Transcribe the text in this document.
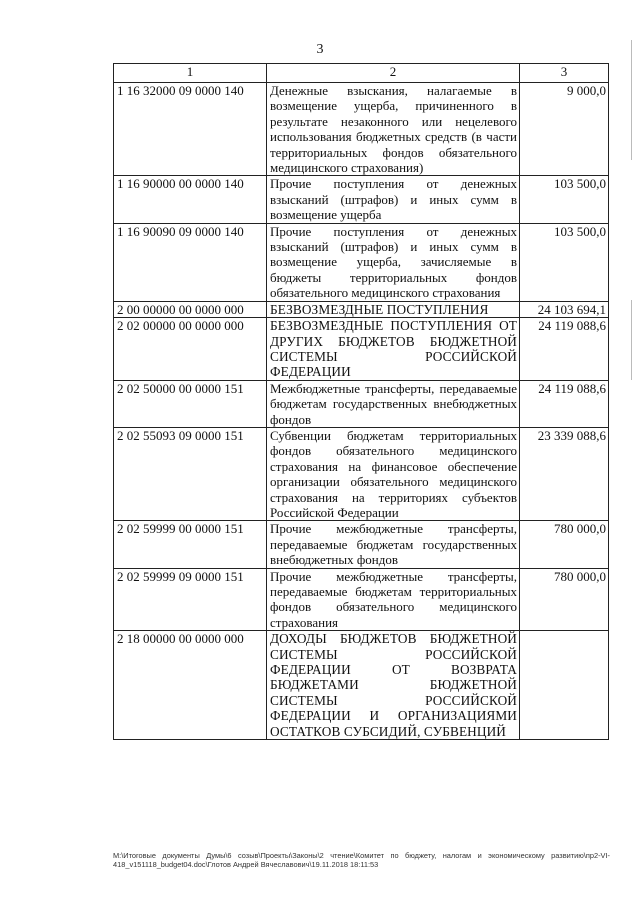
3
1	2	3
1 16 32000 09 0000 140	Денежные взыскания, налагаемые в возмещение ущерба, причиненного в результате незаконного или нецелевого использования бюджетных средств (в части территориальных фондов обязательного медицинского страхования)	9 000,0
1 16 90000 00 0000 140	Прочие поступления от денежных взысканий (штрафов) и иных сумм в возмещение ущерба	103 500,0
1 16 90090 09 0000 140	Прочие поступления от денежных взысканий (штрафов) и иных сумм в возмещение ущерба, зачисляемые в бюджеты территориальных фондов обязательного медицинского страхования	103 500,0
2 00 00000 00 0000 000	БЕЗВОЗМЕЗДНЫЕ ПОСТУПЛЕНИЯ	24 103 694,1
2 02 00000 00 0000 000	БЕЗВОЗМЕЗДНЫЕ ПОСТУПЛЕНИЯ ОТ ДРУГИХ БЮДЖЕТОВ БЮДЖЕТНОЙ СИСТЕМЫ РОССИЙСКОЙ ФЕДЕРАЦИИ	24 119 088,6
2 02 50000 00 0000 151	Межбюджетные трансферты, передаваемые бюджетам государственных внебюджетных фондов	24 119 088,6
2 02 55093 09 0000 151	Субвенции бюджетам территориальных фондов обязательного медицинского страхования на финансовое обеспечение организации обязательного медицинского страхования на территориях субъектов Российской Федерации	23 339 088,6
2 02 59999 00 0000 151	Прочие межбюджетные трансферты, передаваемые бюджетам государственных внебюджетных фондов	780 000,0
2 02 59999 09 0000 151	Прочие межбюджетные трансферты, передаваемые бюджетам территориальных фондов обязательного медицинского страхования	780 000,0
2 18 00000 00 0000 000	ДОХОДЫ БЮДЖЕТОВ БЮДЖЕТНОЙ СИСТЕМЫ РОССИЙСКОЙ ФЕДЕРАЦИИ ОТ ВОЗВРАТА БЮДЖЕТАМИ БЮДЖЕТНОЙ СИСТЕМЫ РОССИЙСКОЙ ФЕДЕРАЦИИ И ОРГАНИЗАЦИЯМИ ОСТАТКОВ СУБСИДИЙ, СУБВЕНЦИЙ	
М:\Итоговые документы Думы\6 созыв\Проекты\Законы\2 чтение\Комитет по бюджету, налогам и экономическому развитию\пр2-VI-418_v151118_budget04.doc\Глотов Андрей Вячеславович\19.11.2018 18:11:53
